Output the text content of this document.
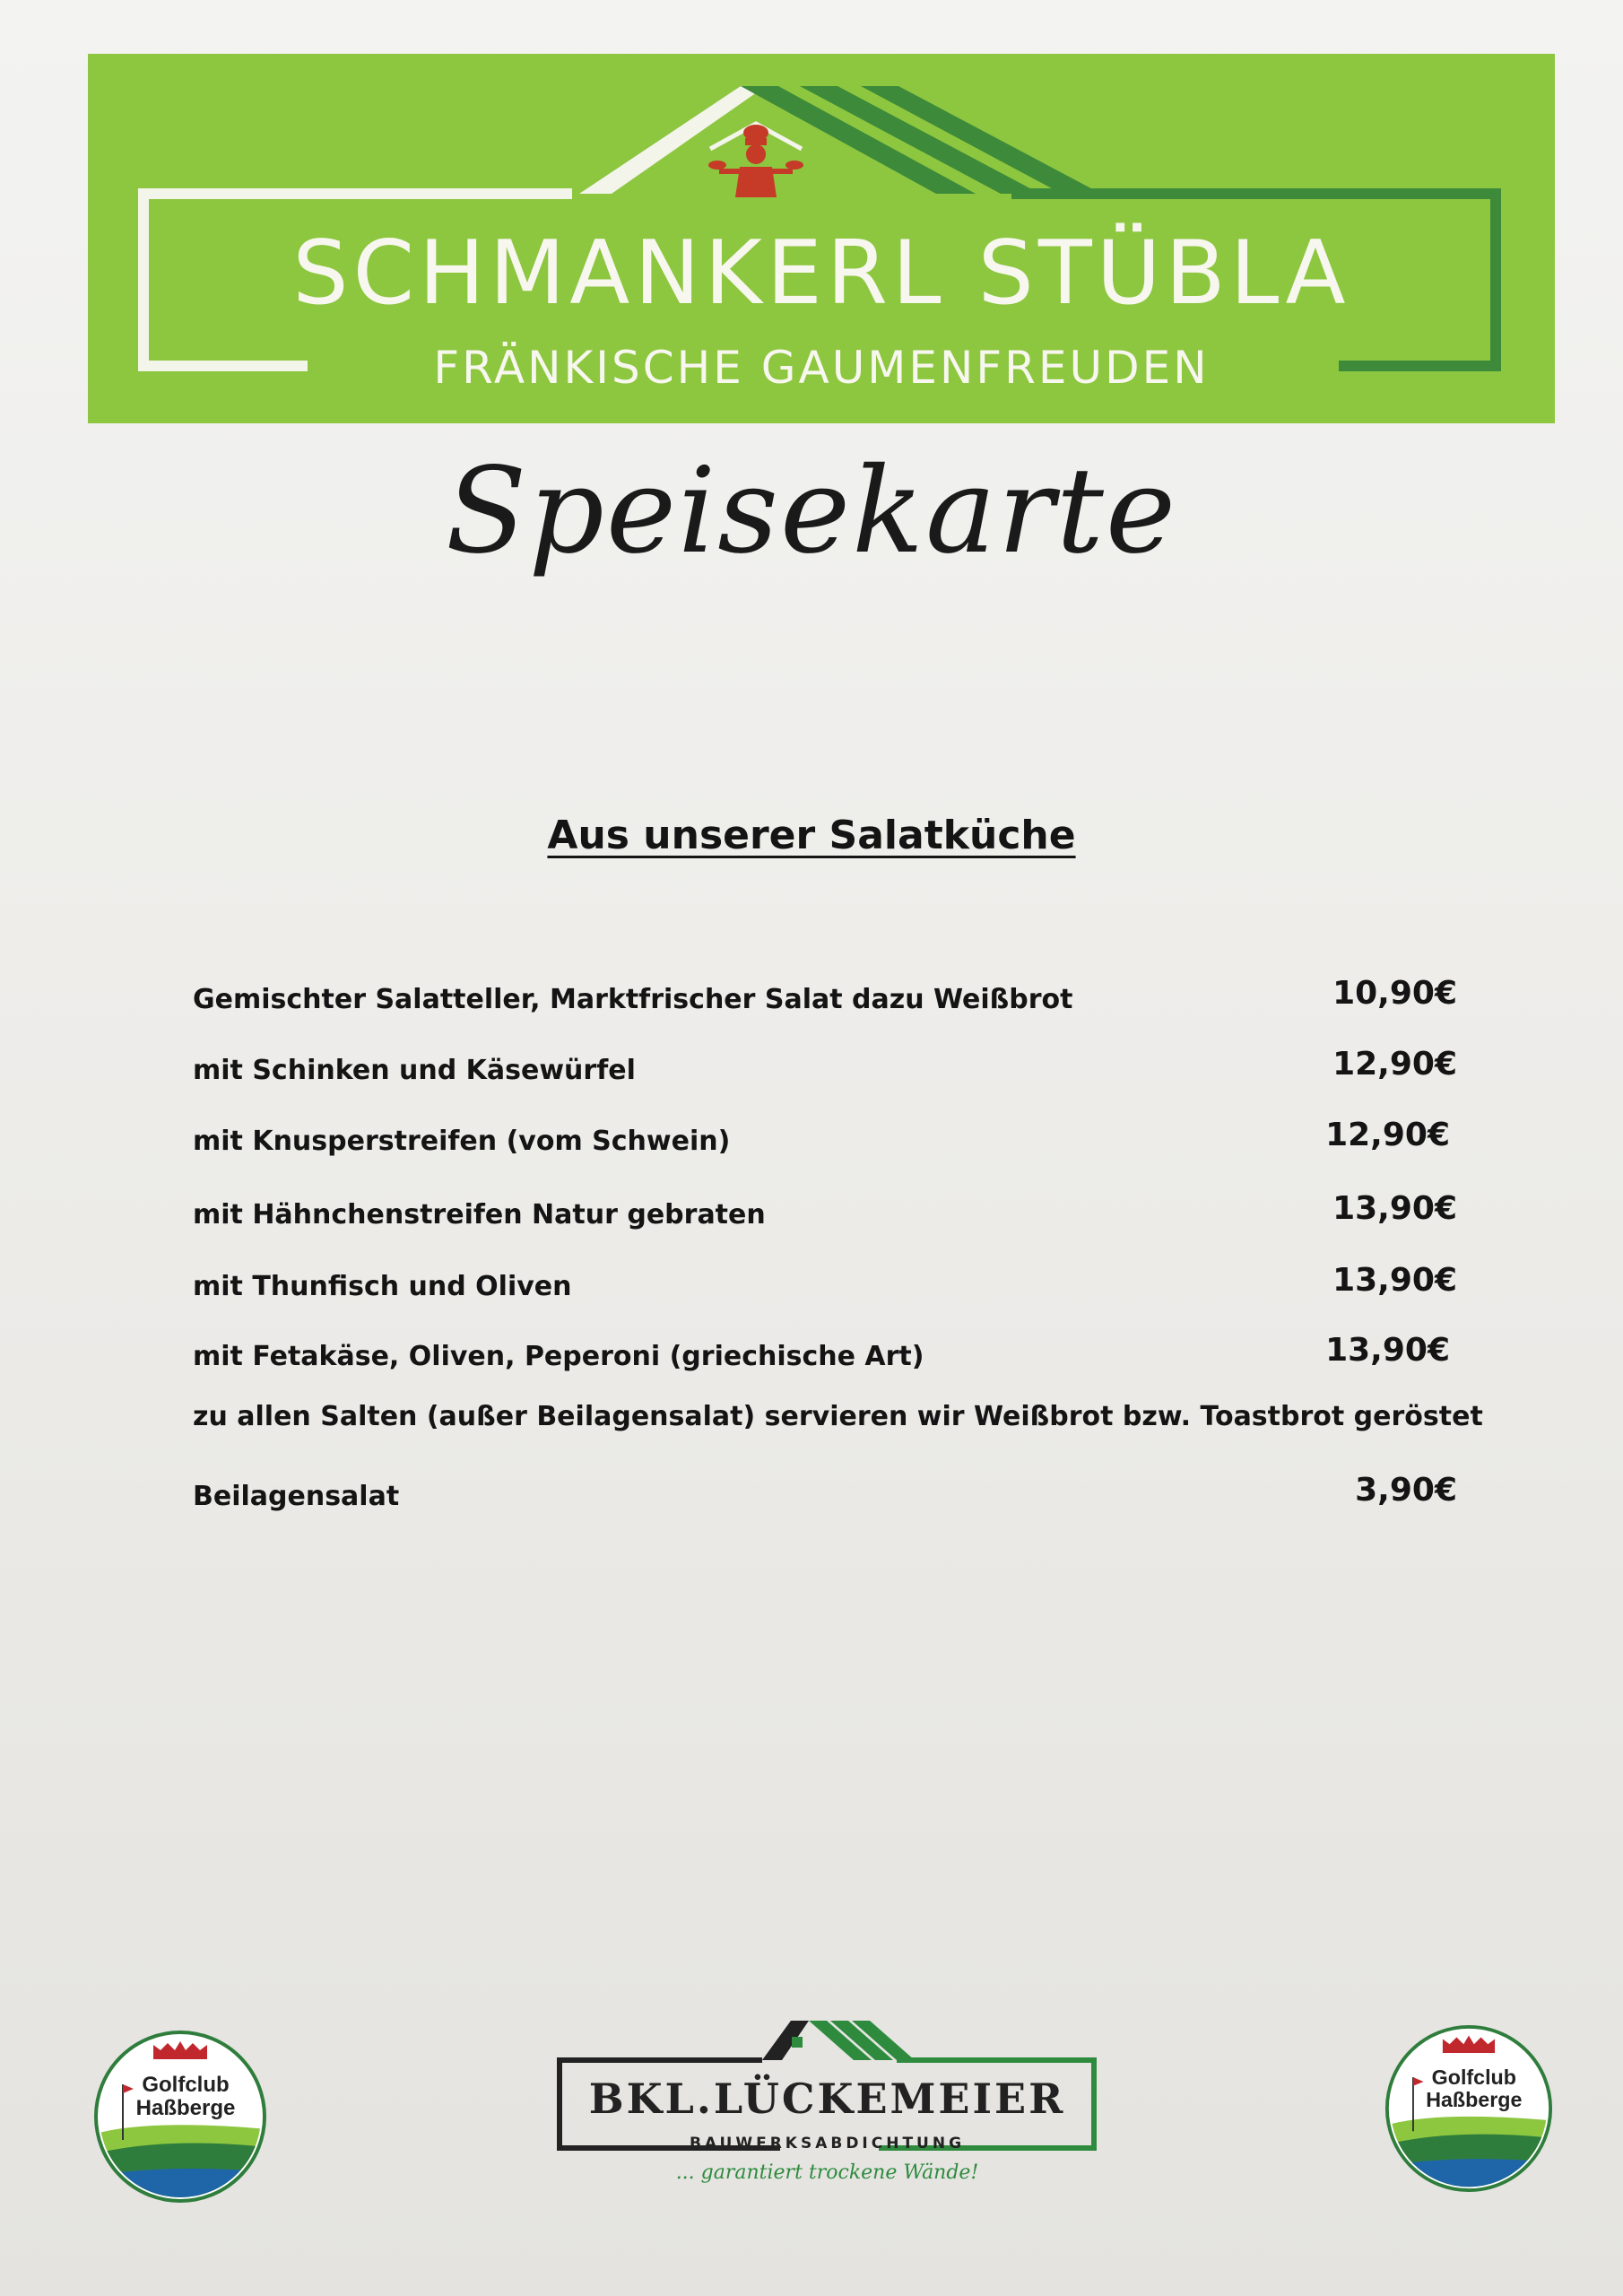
SCHMANKERL STÜBLA
FRÄNKISCHE GAUMENFREUDEN
Speisekarte
Aus unserer Salatküche
Gemischter Salatteller, Marktfrischer Salat dazu Weißbrot	10,90€
mit Schinken und Käsewürfel	12,90€
mit Knusperstreifen (vom Schwein)	12,90€
mit Hähnchenstreifen Natur gebraten	13,90€
mit Thunfisch und Oliven	13,90€
mit Fetakäse, Oliven, Peperoni (griechische Art)	13,90€
zu allen Salten (außer Beilagensalat) servieren wir Weißbrot bzw. Toastbrot geröstet
Beilagensalat	3,90€
Golfclub
Haßberge
Golfclub
Haßberge
BKL.LÜCKEMEIER
BAUWERKSABDICHTUNG
... garantiert trockene Wände!
